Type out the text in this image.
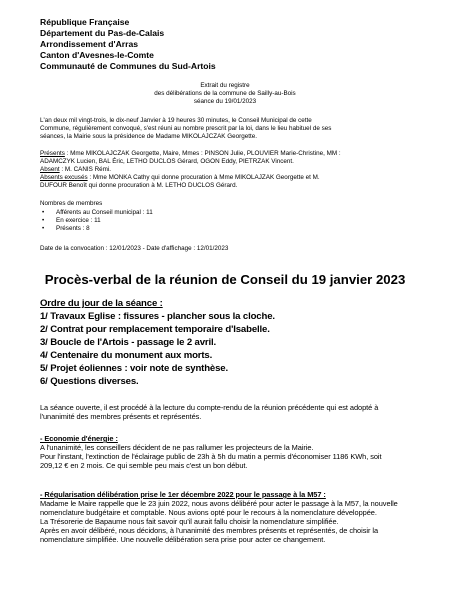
République Française
Département du Pas-de-Calais
Arrondissement d'Arras
Canton d'Avesnes-le-Comte
Communauté de Communes du Sud-Artois
Extrait du registre
des délibérations de la commune de Sailly-au-Bois
séance du 19/01/2023
L'an deux mil vingt-trois, le dix-neuf Janvier à 19 heures 30 minutes, le Conseil Municipal de cette
Commune, régulièrement convoqué, s'est réuni au nombre prescrit par la loi, dans le lieu habituel de ses
séances, la Mairie sous la présidence de Madame MIKOLAJCZAK Georgette.
Présents : Mme MIKOLAJCZAK Georgette, Maire, Mmes : PINSON Julie, PLOUVIER Marie-Christine, MM :
ADAMCZYK Lucien, BAL Éric, LETHO DUCLOS Gérard, OGON Eddy, PIETRZAK Vincent.
Absent : M. CANIS Rémi.
Absents excusés : Mme MONKA Cathy qui donne procuration à Mme MIKOLAJZAK Georgette et M.
DUFOUR Benoît qui donne procuration à M. LETHO DUCLOS Gérard.
Nombres de membres
• Afférents au Conseil municipal : 11
• En exercice : 11
• Présents : 8
Date de la convocation : 12/01/2023 - Date d'affichage : 12/01/2023
Procès-verbal de la réunion de Conseil du 19 janvier 2023
Ordre du jour de la séance :
1/ Travaux Eglise : fissures - plancher sous la cloche.
2/ Contrat pour remplacement temporaire d'Isabelle.
3/ Boucle de l'Artois - passage le 2 avril.
4/ Centenaire du monument aux morts.
5/ Projet éoliennes : voir note de synthèse.
6/ Questions diverses.
La séance ouverte, il est procédé à la lecture du compte-rendu de la réunion précédente qui est adopté à
l'unanimité des membres présents et représentés.
- Economie d'énergie :
A l'unanimité, les conseillers décident de ne pas rallumer les projecteurs de la Mairie.
Pour l'instant, l'extinction de l'éclairage public de 23h à 5h du matin a permis d'économiser 1186 KWh, soit
209,12 € en 2 mois. Ce qui semble peu mais c'est un bon début.
- Régularisation délibération prise le 1er décembre 2022 pour le passage à la M57 :
Madame le Maire rappelle que le 23 juin 2022, nous avons délibéré pour acter le passage à la M57, la nouvelle
nomenclature budgétaire et comptable. Nous avions opté pour le recours à la nomenclature développée.
La Trésorerie de Bapaume nous fait savoir qu'il aurait fallu choisir la nomenclature simplifiée.
Après en avoir délibéré, nous décidons, à l'unanimité des membres présents et représentés, de choisir la
nomenclature simplifiée. Une nouvelle délibération sera prise pour acter ce changement.
